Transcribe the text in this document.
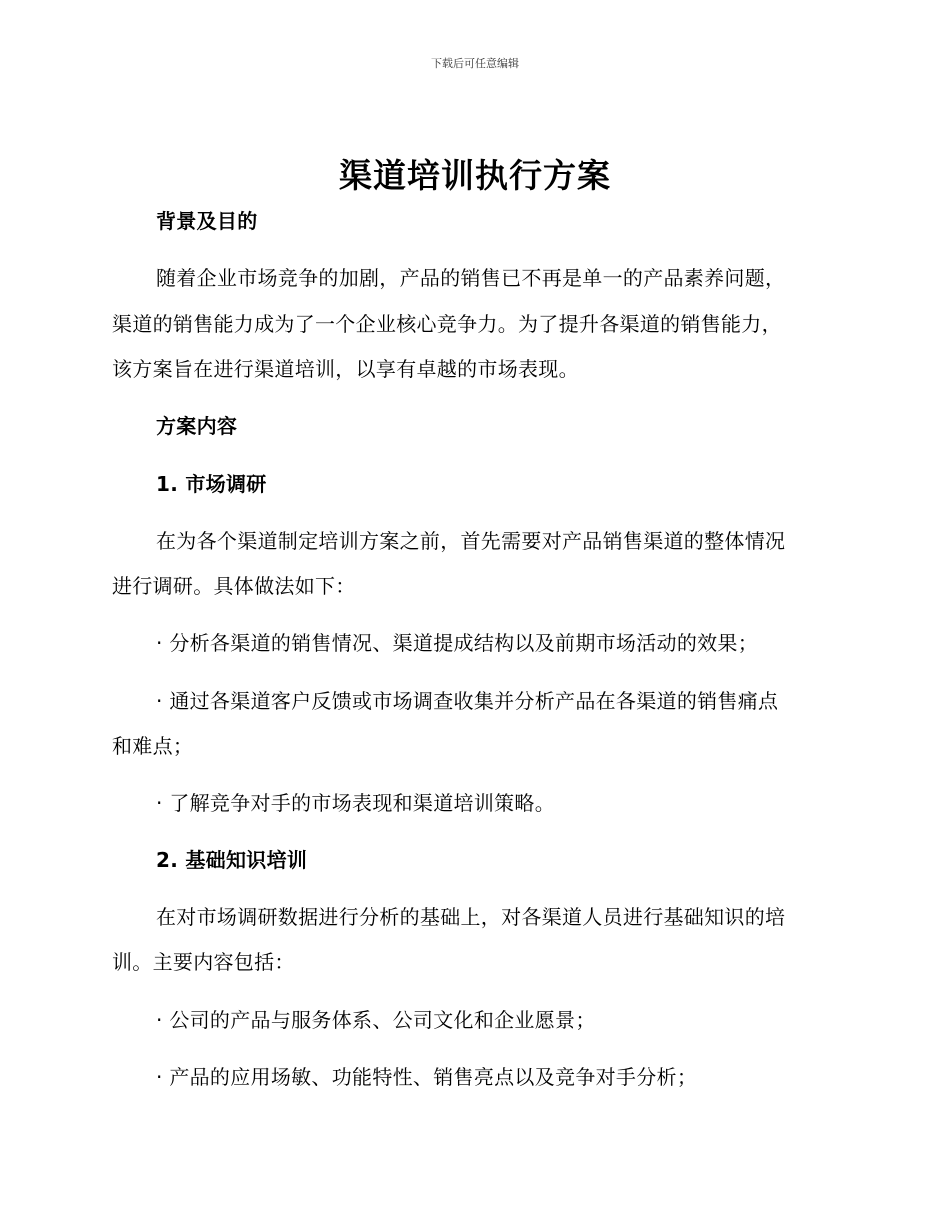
下载后可任意编辑
渠道培训执行方案
背景及目的
随着企业市场竞争的加剧，产品的销售已不再是单一的产品素养问题，
渠道的销售能力成为了一个企业核心竞争力。为了提升各渠道的销售能力，
该方案旨在进行渠道培训，以享有卓越的市场表现。
方案内容
1. 市场调研
在为各个渠道制定培训方案之前，首先需要对产品销售渠道的整体情况
进行调研。具体做法如下：
· 分析各渠道的销售情况、渠道提成结构以及前期市场活动的效果；
· 通过各渠道客户反馈或市场调查收集并分析产品在各渠道的销售痛点
和难点；
· 了解竞争对手的市场表现和渠道培训策略。
2. 基础知识培训
在对市场调研数据进行分析的基础上，对各渠道人员进行基础知识的培
训。主要内容包括：
· 公司的产品与服务体系、公司文化和企业愿景；
· 产品的应用场敏、功能特性、销售亮点以及竞争对手分析；
